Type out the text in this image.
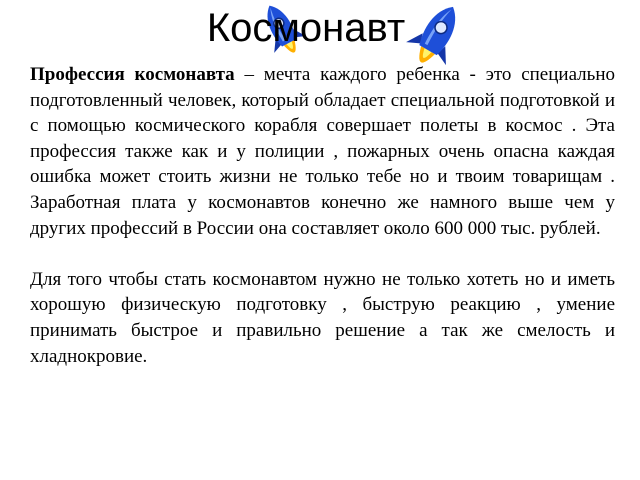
Космонавт

Профессия космонавта – мечта каждого ребенка - это специально подготовленный человек, который обладает специальной подготовкой и с помощью космического корабля совершает полеты в космос . Эта профессия также как и у полиции , пожарных очень опасна каждая ошибка может стоить жизни не только тебе но и твоим товарищам . Заработная плата у космонавтов конечно же намного выше чем у других профессий в России она составляет около 600 000 тыс. рублей.

Для того чтобы стать космонавтом нужно не только хотеть но и иметь хорошую физическую подготовку , быструю реакцию , умение принимать быстрое и правильно решение а так же смелость и хладнокровие.
